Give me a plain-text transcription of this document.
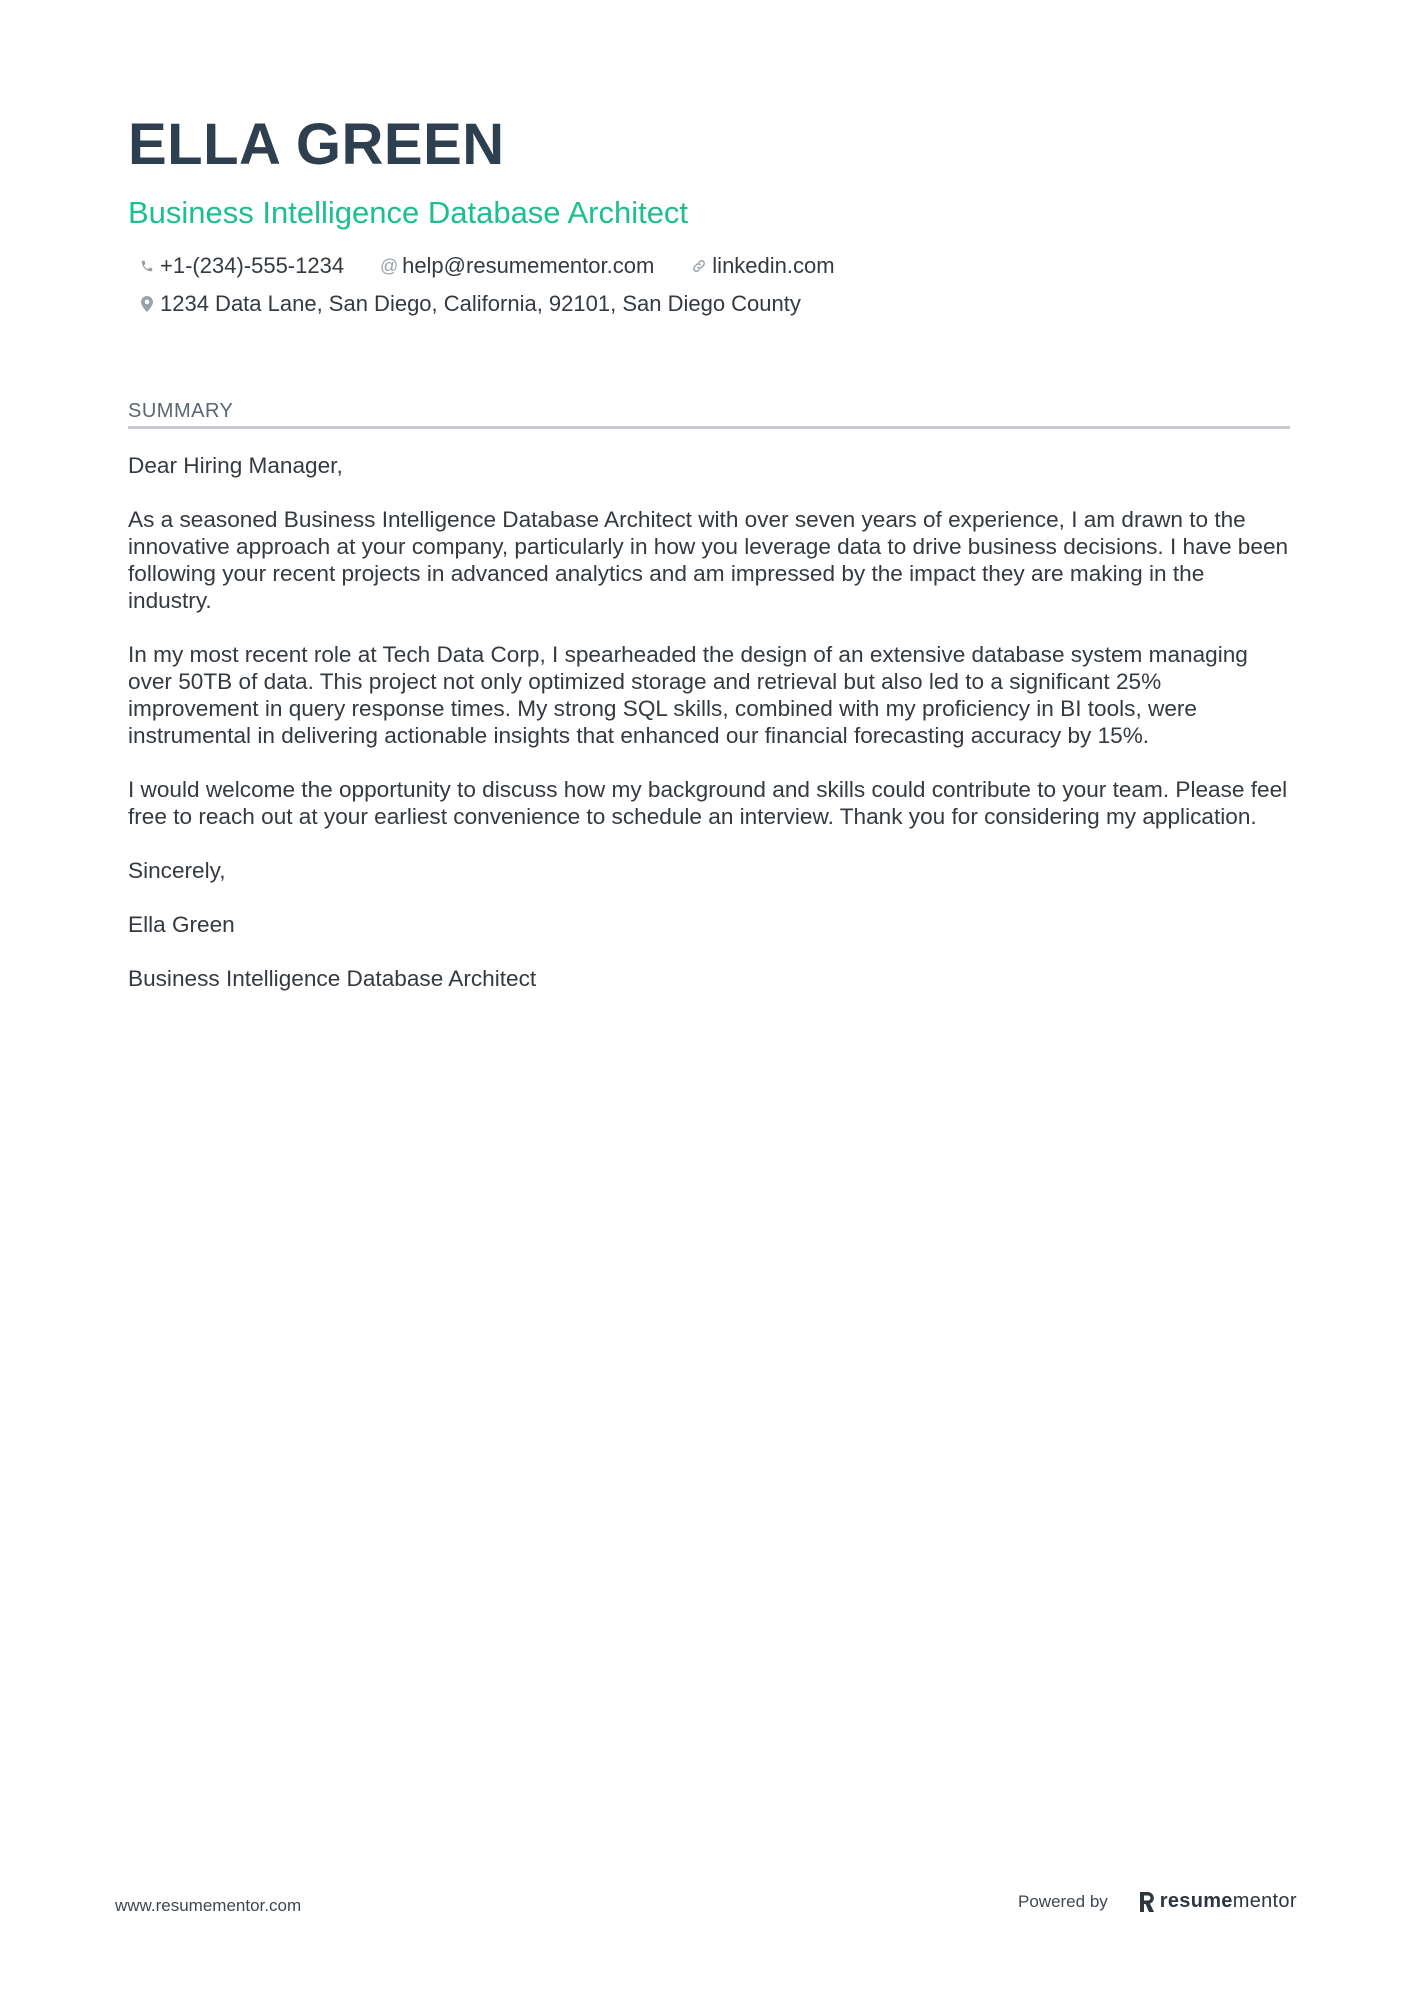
ELLA GREEN
Business Intelligence Database Architect
+1-(234)-555-1234 @ help@resumementor.com	linkedin.com
1234 Data Lane, San Diego, California, 92101, San Diego County
SUMMARY

Dear Hiring Manager,

As a seasoned Business Intelligence Database Architect with over seven years of experience, I am drawn to the innovative approach at your company, particularly in how you leverage data to drive business decisions. I have been following your recent projects in advanced analytics and am impressed by the impact they are making in the industry.

In my most recent role at Tech Data Corp, I spearheaded the design of an extensive database system managing over 50TB of data. This project not only optimized storage and retrieval but also led to a significant 25% improvement in query response times. My strong SQL skills, combined with my proficiency in BI tools, were instrumental in delivering actionable insights that enhanced our financial forecasting accuracy by 15%.

I would welcome the opportunity to discuss how my background and skills could contribute to your team. Please feel free to reach out at your earliest convenience to schedule an interview. Thank you for considering my application.

Sincerely,

Ella Green

Business Intelligence Database Architect

www.resumementor.com	Powered by	resume mentor
